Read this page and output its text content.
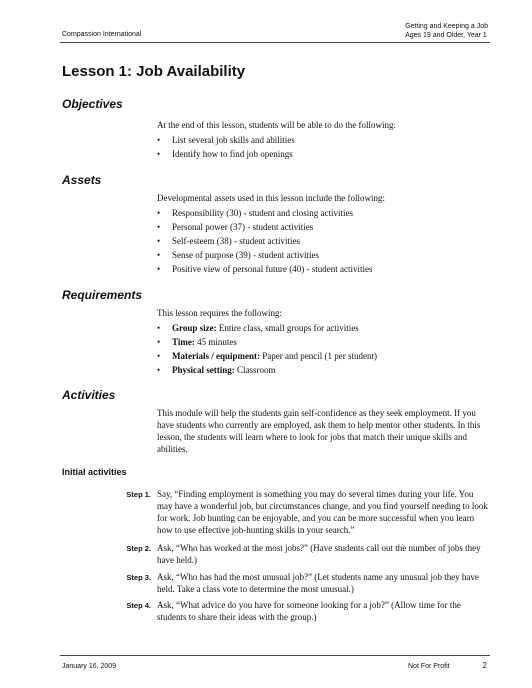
Compassion International
Getting and Keeping a Job
Ages 19 and Older, Year 1
Lesson 1: Job Availability
Objectives

At the end of this lesson, students will be able to do the following:

• List several job skills and abilities
• Identify how to find job openings
Assets

Developmental assets used in this lesson include the following:

• Responsibility (30) - student and closing activities
• Personal power (37) - student activities
• Self-esteem (38) - student activities
• Sense of purpose (39) - student activities
• Positive view of personal future (40) - student activities
Requirements

This lesson requires the following:

• Group size: Entire class, small groups for activities
• Time: 45 minutes
• Materials / equipment: Paper and pencil (1 per student)
• Physical setting: Classroom
Activities

This module will help the students gain self-confidence as they seek employment. If you have students who currently are employed, ask them to help mentor other students. In this lesson, the students will learn where to look for jobs that match their unique skills and abilities.

Initial activities
Step 1. Say, “Finding employment is something you may do several times during your life. You may have a wonderful job, but circumstances change, and you find yourself needing to look for work. Job hunting can be enjoyable, and you can be more successful when you learn how to use effective job-hunting skills in your search.”
Step 2. Ask, “Who has worked at the most jobs?” (Have students call out the number of jobs they have held.)
Step 3. Ask, “Who has had the most unusual job?” (Let students name any unusual job they have held. Take a class vote to determine the most unusual.)
Step 4. Ask, “What advice do you have for someone looking for a job?” (Allow time for the students to share their ideas with the group.)
January 16, 2009	Not For Profit	2
